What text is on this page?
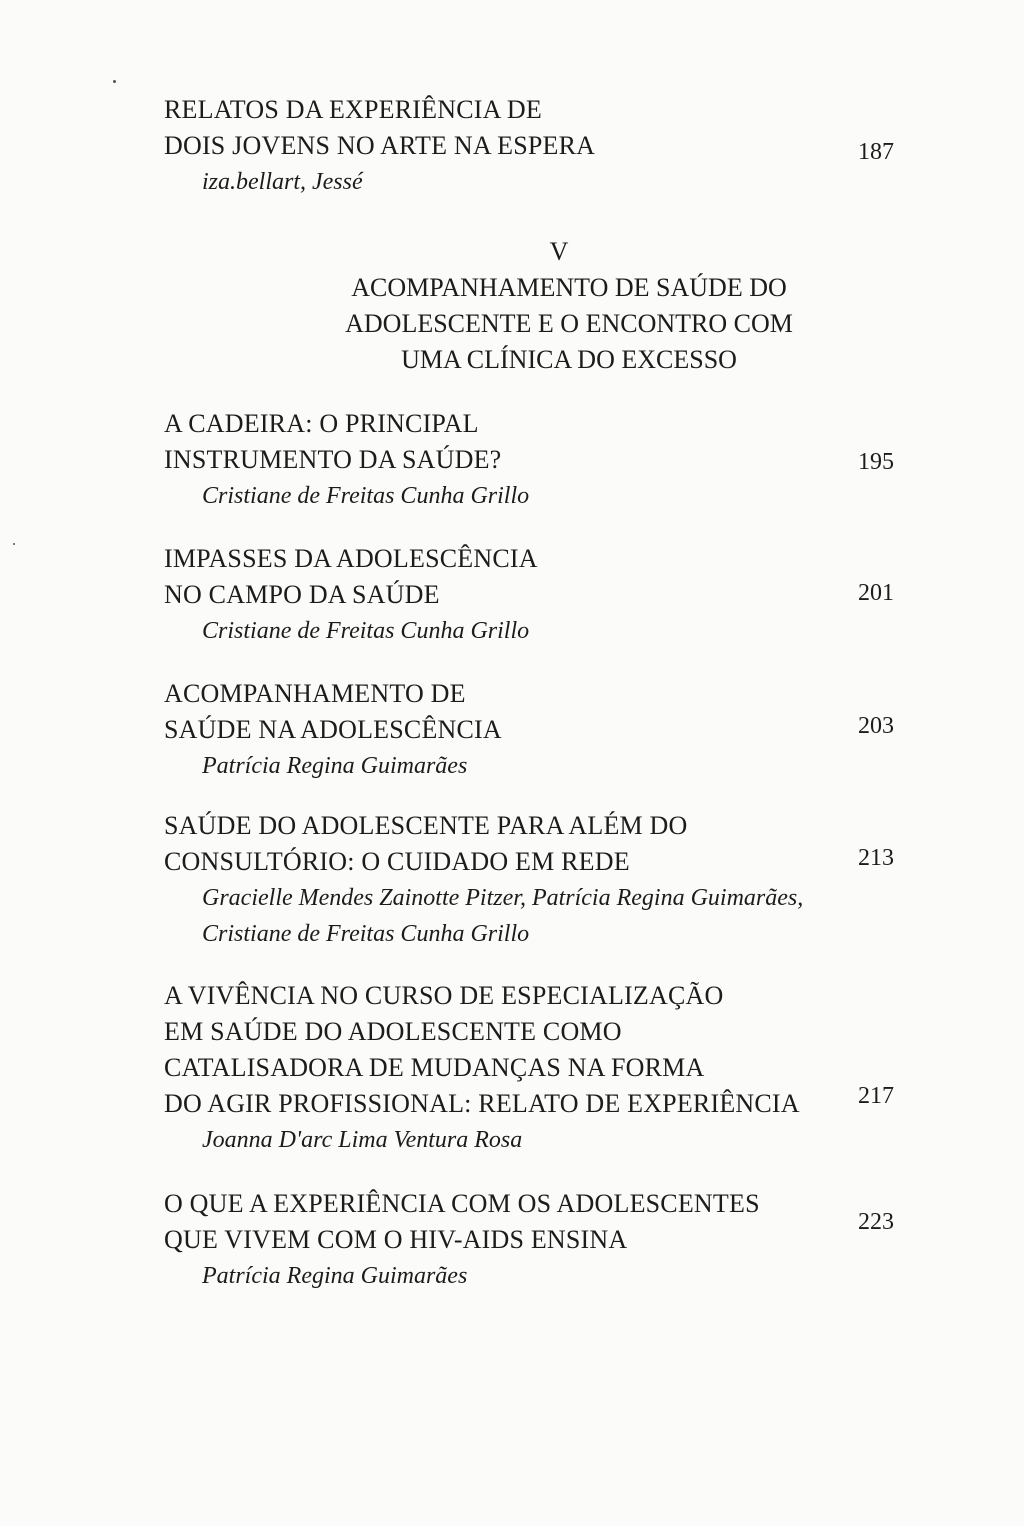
RELATOS DA EXPERIÊNCIA DE
DOIS JOVENS NO ARTE NA ESPERA
iza.bellart, Jessé
187
V
ACOMPANHAMENTO DE SAÚDE DO
ADOLESCENTE E O ENCONTRO COM
UMA CLÍNICA DO EXCESSO
A CADEIRA: O PRINCIPAL
INSTRUMENTO DA SAÚDE?
Cristiane de Freitas Cunha Grillo
195
IMPASSES DA ADOLESCÊNCIA
NO CAMPO DA SAÚDE
Cristiane de Freitas Cunha Grillo
201
ACOMPANHAMENTO DE
SAÚDE NA ADOLESCÊNCIA
Patrícia Regina Guimarães
203
SAÚDE DO ADOLESCENTE PARA ALÉM DO
CONSULTÓRIO: O CUIDADO EM REDE
Gracielle Mendes Zainotte Pitzer, Patrícia Regina Guimarães,
Cristiane de Freitas Cunha Grillo
213
A VIVÊNCIA NO CURSO DE ESPECIALIZAÇÃO
EM SAÚDE DO ADOLESCENTE COMO
CATALISADORA DE MUDANÇAS NA FORMA
DO AGIR PROFISSIONAL: RELATO DE EXPERIÊNCIA
Joanna D'arc Lima Ventura Rosa
217
O QUE A EXPERIÊNCIA COM OS ADOLESCENTES
QUE VIVEM COM O HIV-AIDS ENSINA
Patrícia Regina Guimarães
223
